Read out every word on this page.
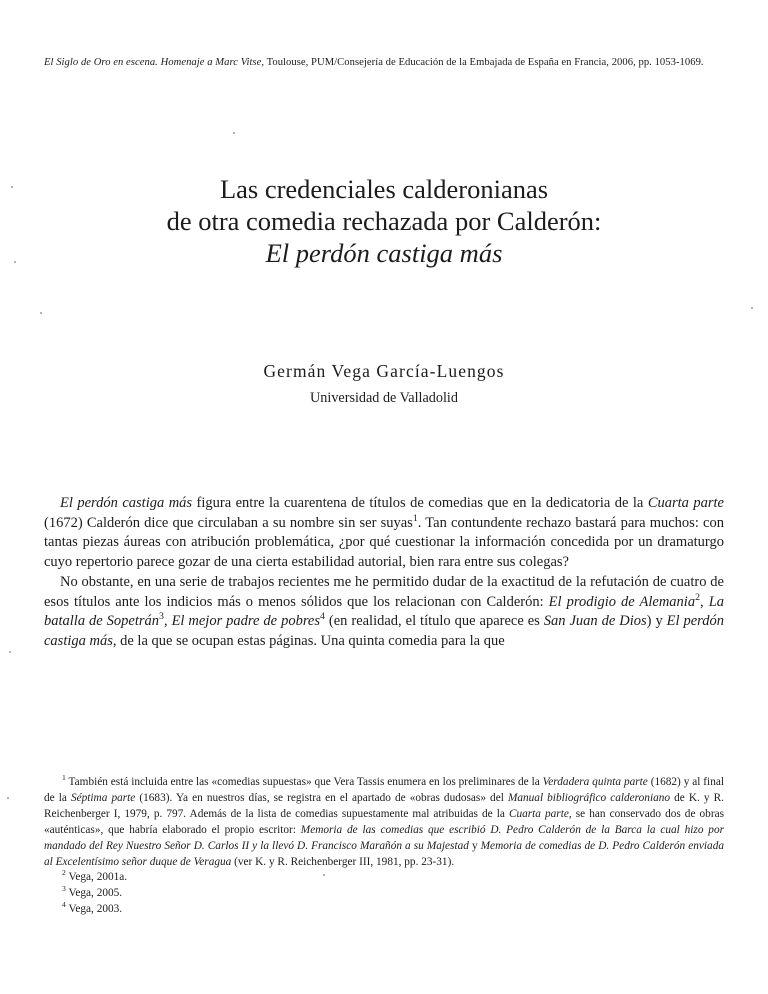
El Siglo de Oro en escena. Homenaje a Marc Vitse, Toulouse, PUM/Consejería de Educación de la Embajada de España en Francia, 2006, pp. 1053-1069.
Las credenciales calderonianas
de otra comedia rechazada por Calderón:
El perdón castiga más
Germán Vega García-Luengos
Universidad de Valladolid

El perdón castiga más figura entre la cuarentena de títulos de comedias que en la dedicatoria de la Cuarta parte (1672) Calderón dice que circulaban a su nombre sin ser suyas$^1$. Tan contundente rechazo bastará para muchos: con tantas piezas áureas con atribución problemática, ¿por qué cuestionar la información concedida por un dramaturgo cuyo repertorio parece gozar de una cierta estabilidad autorial, bien rara entre sus colegas?

No obstante, en una serie de trabajos recientes me he permitido dudar de la exactitud de la refutación de cuatro de esos títulos ante los indicios más o menos sólidos que los relacionan con Calderón: El prodigio de Alemania$^2$, La batalla de Sopetrán$^3$, El mejor padre de pobres$^4$ (en realidad, el título que aparece es San Juan de Dios) y El perdón castiga más, de la que se ocupan estas páginas. Una quinta comedia para la que

$^1$ También está incluida entre las «comedias supuestas» que Vera Tassis enumera en los preliminares de la Verdadera quinta parte (1682) y al final de la Séptima parte (1683). Ya en nuestros días, se registra en el apartado de «obras dudosas» del Manual bibliográfico calderoniano de K. y R. Reichenberger I, 1979, p. 797. Además de la lista de comedias supuestamente mal atribuidas de la Cuarta parte, se han conservado dos de obras «auténticas», que habría elaborado el propio escritor: Memoria de las comedias que escribió D. Pedro Calderón de la Barca la cual hizo por mandado del Rey Nuestro Señor D. Carlos II y la llevó D. Francisco Marañón a su Majestad y Memoria de comedias de D. Pedro Calderón enviada al Excelentísimo señor duque de Veragua (ver K. y R. Reichenberger III, 1981, pp. 23-31).

$^2$ Vega, 2001a.

$^3$ Vega, 2005.

$^4$ Vega, 2003.
